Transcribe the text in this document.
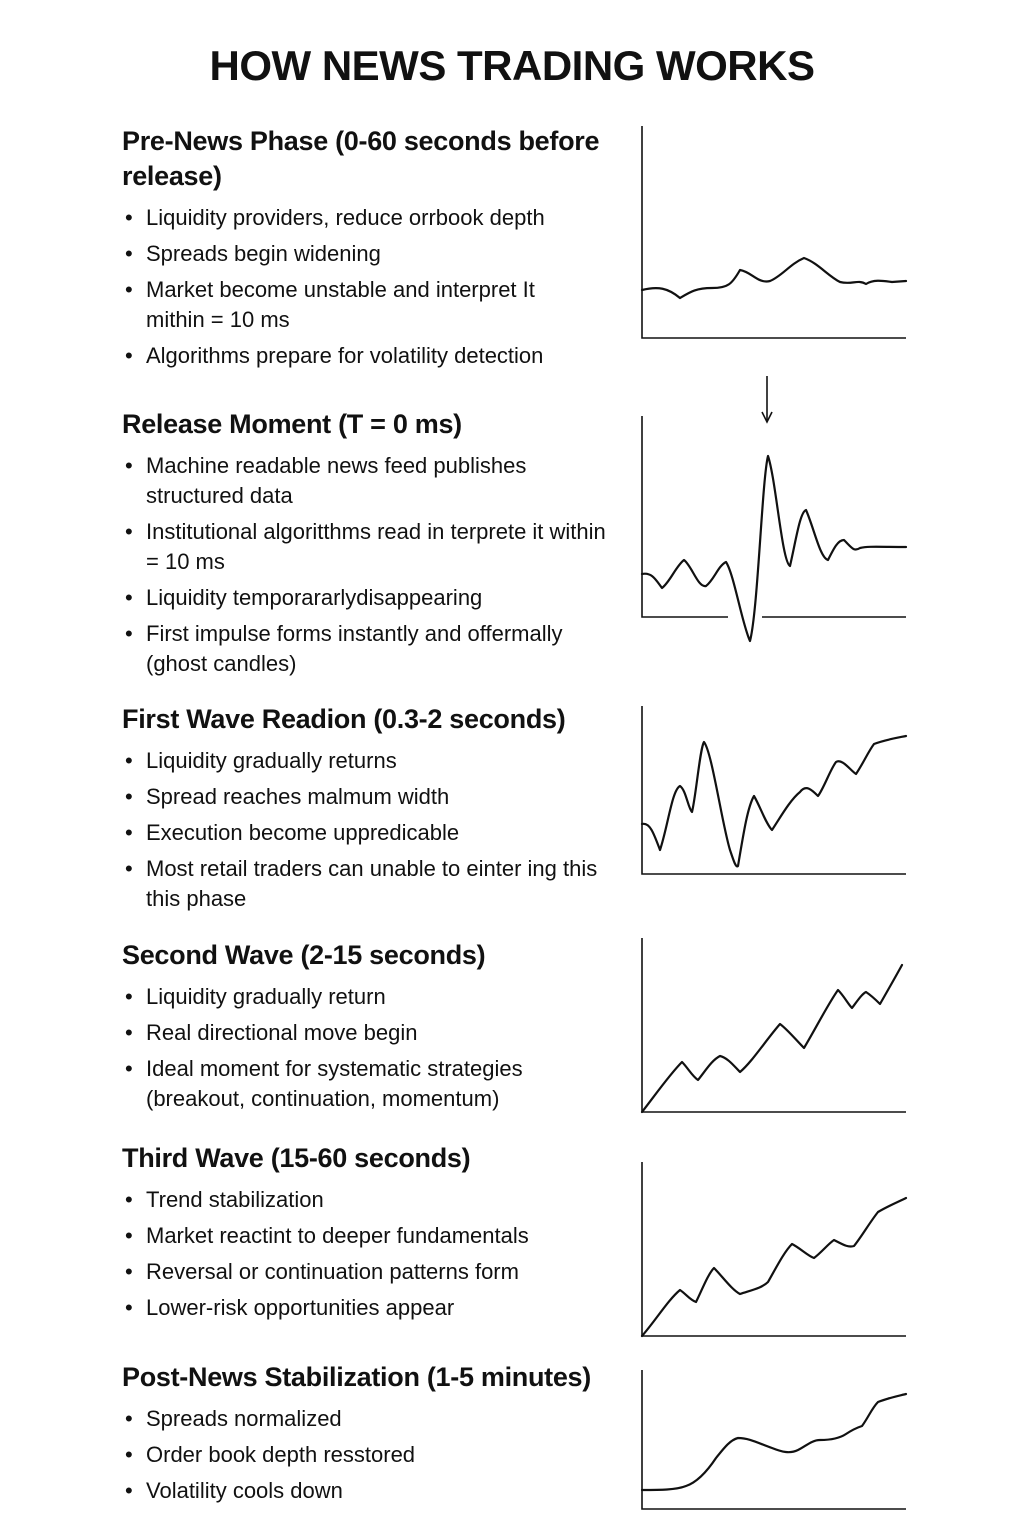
HOW NEWS TRADING WORKS
Pre-News Phase (0-60 seconds before release)
• Liquidity providers, reduce orrbook depth
• Spreads begin widening
• Market become unstable and interpret It mithin = 10 ms
• Algorithms prepare for volatility detection
Release Moment (T = 0 ms)
• Machine readable news feed publishes structured data
• Institutional algoritthms read in terprete it within = 10 ms
• Liquidity temporararlydisappearing
• First impulse forms instantly and offermally (ghost candles)
First Wave Readion (0.3-2 seconds)
• Liquidity gradually returns
• Spread reaches malmum width
• Execution become uppredicable
• Most retail traders can unable to einter ing this this phase
Second Wave (2-15 seconds)
• Liquidity gradually return
• Real directional move begin
• Ideal moment for systematic strategies (breakout, continuation, momentum)
Third Wave (15-60 seconds)
• Trend stabilization
• Market reactint to deeper fundamentals
• Reversal or continuation patterns form
• Lower-risk opportunities appear
Post-News Stabilization (1-5 minutes)
• Spreads normalized
• Order book depth resstored
• Volatility cools down
